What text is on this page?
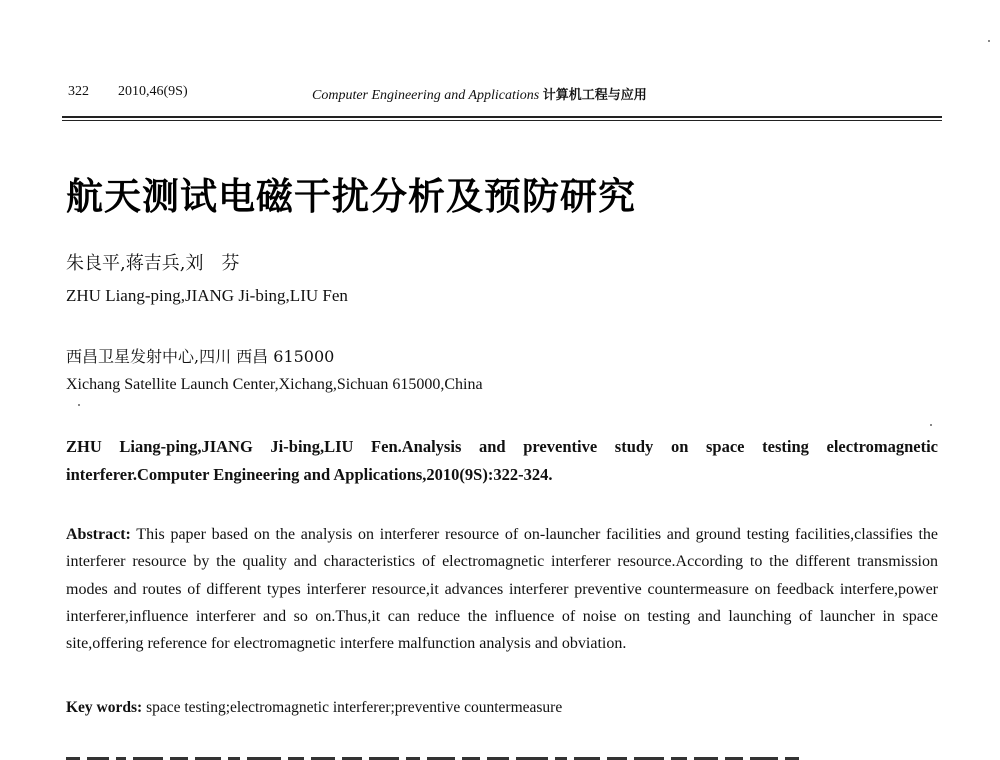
322 2010,46(9S)	Computer Engineering and Applications 计算机工程与应用
航天测试电磁干扰分析及预防研究
朱良平,蒋吉兵,刘　芬
ZHU Liang-ping,JIANG Ji-bing,LIU Fen
西昌卫星发射中心,四川 西昌 615000
Xichang Satellite Launch Center,Xichang,Sichuan 615000,China
ZHU Liang-ping,JIANG Ji-bing,LIU Fen.Analysis and preventive study on space testing electromagnetic interferer.Computer Engineering and Applications,2010(9S):322-324.
Abstract: This paper based on the analysis on interferer resource of on-launcher facilities and ground testing facilities,classifies the interferer resource by the quality and characteristics of electromagnetic interferer resource.According to the different transmission modes and routes of different types interferer resource,it advances interferer preventive countermeasure on feedback interfere,power interferer,influence interferer and so on.Thus,it can reduce the influence of noise on testing and launching of launcher in space site,offering reference for electromagnetic interfere malfunction analysis and obviation.
Key words: space testing;electromagnetic interferer;preventive countermeasure
